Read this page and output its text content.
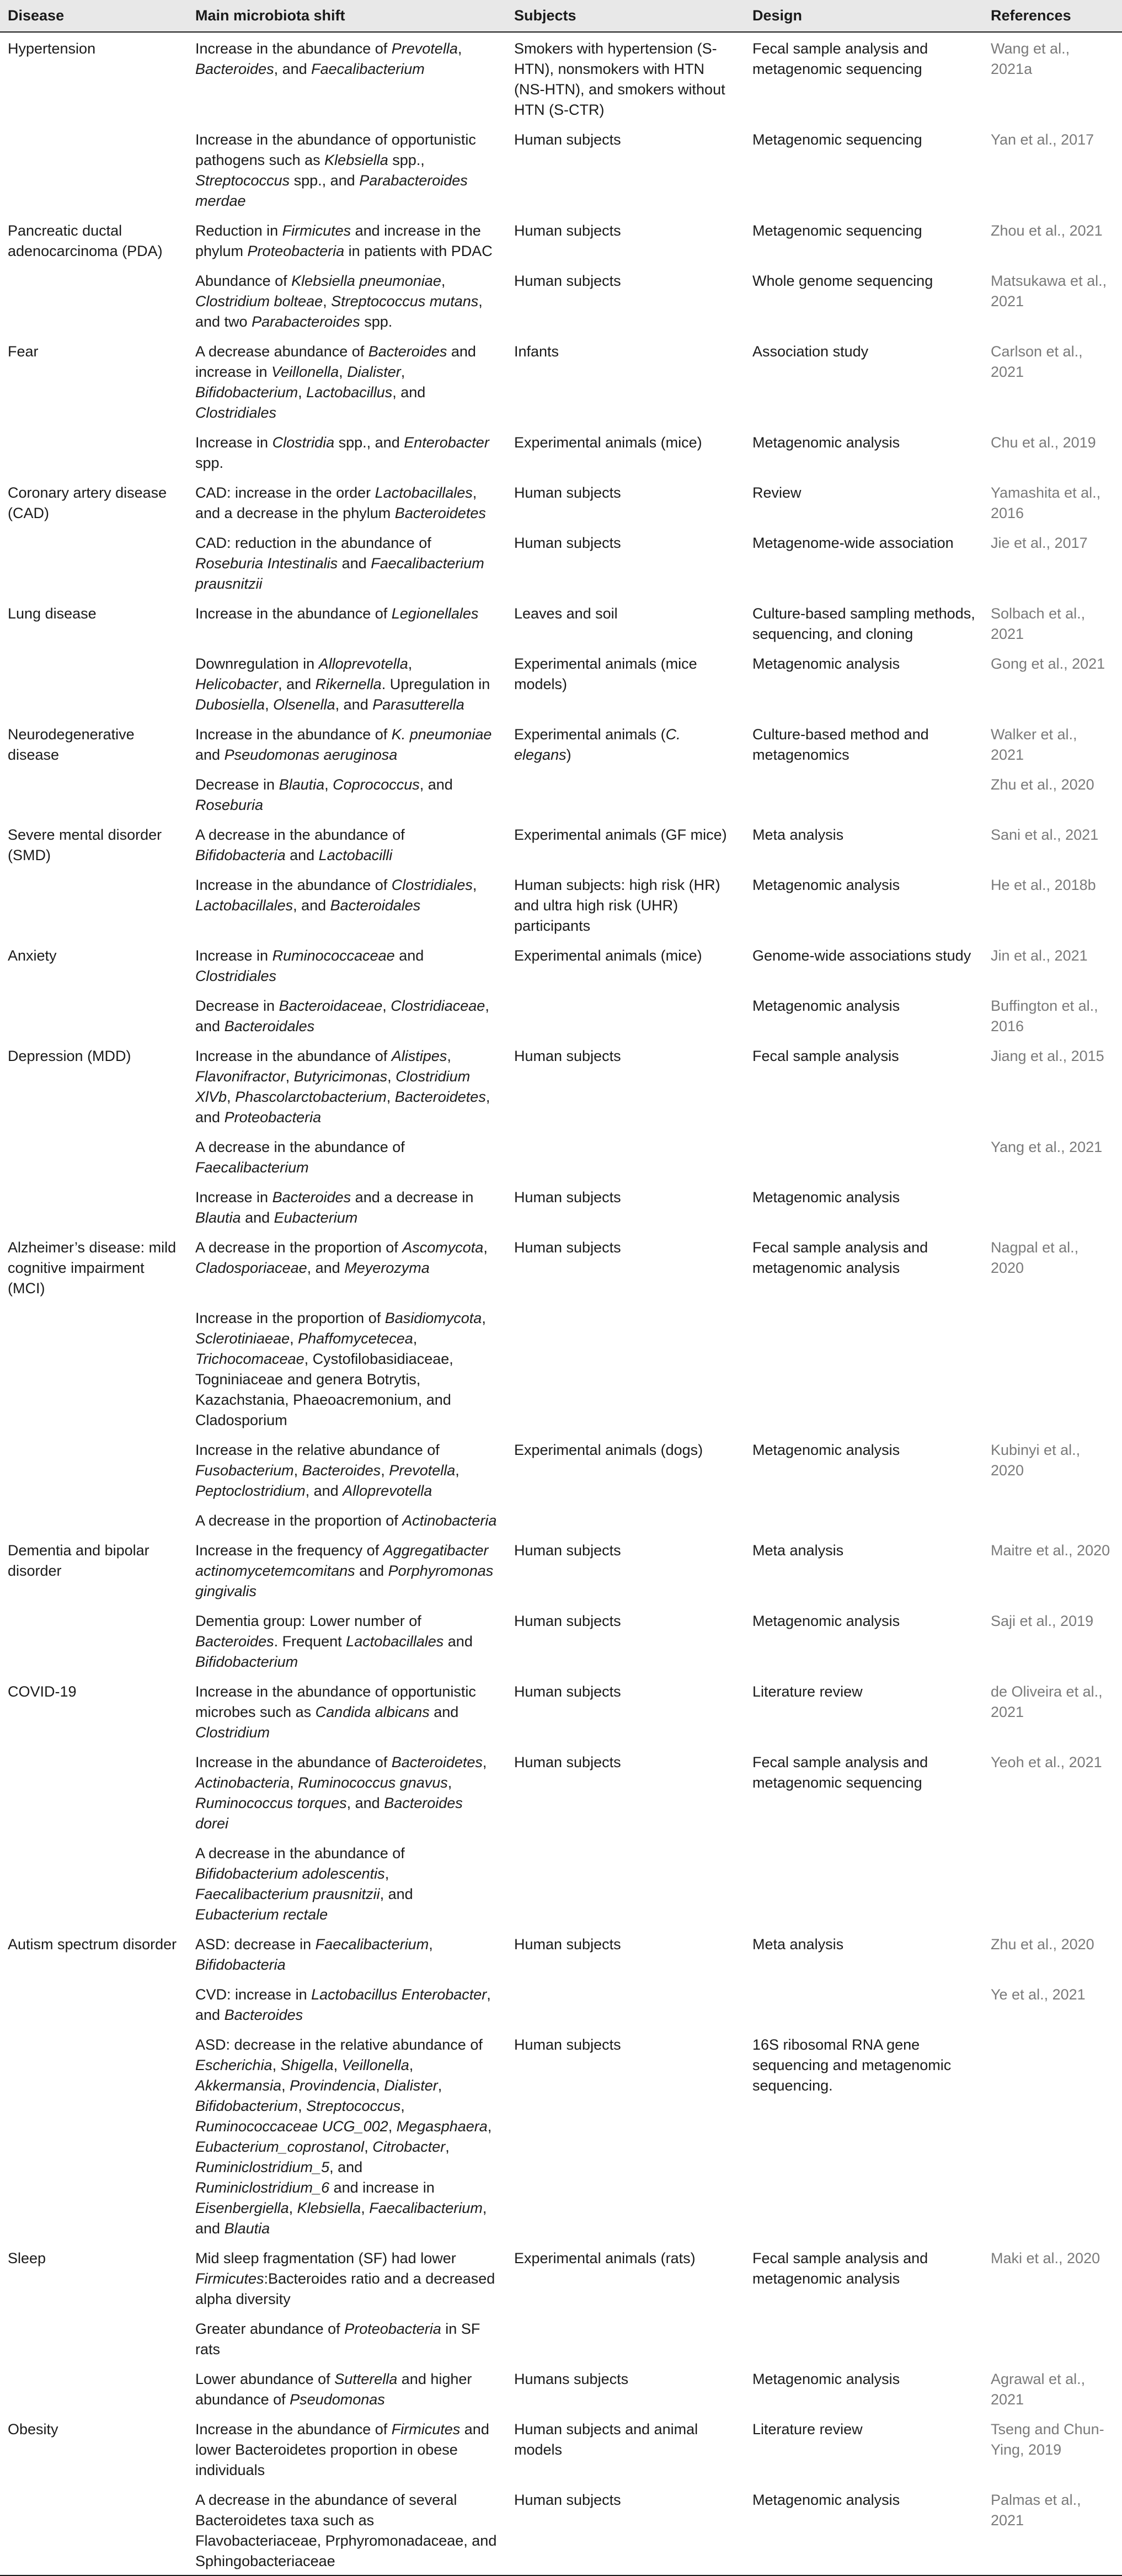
Disease	Main microbiota shift	Subjects	Design	References
Hypertension	Increase in the abundance of Prevotella, Bacteroides, and Faecalibacterium	Smokers with hypertension (S-HTN), nonsmokers with HTN (NS-HTN), and smokers without HTN (S-CTR)	Fecal sample analysis and metagenomic sequencing	Wang et al., 2021a
	Increase in the abundance of opportunistic pathogens such as Klebsiella spp., Streptococcus spp., and Parabacteroides merdae	Human subjects	Metagenomic sequencing	Yan et al., 2017
Pancreatic ductal adenocarcinoma (PDA)	Reduction in Firmicutes and increase in the phylum Proteobacteria in patients with PDAC	Human subjects	Metagenomic sequencing	Zhou et al., 2021
	Abundance of Klebsiella pneumoniae, Clostridium bolteae, Streptococcus mutans, and two Parabacteroides spp.	Human subjects	Whole genome sequencing	Matsukawa et al., 2021
Fear	A decrease abundance of Bacteroides and increase in Veillonella, Dialister, Bifidobacterium, Lactobacillus, and Clostridiales	Infants	Association study	Carlson et al., 2021
	Increase in Clostridia spp., and Enterobacter spp.	Experimental animals (mice)	Metagenomic analysis	Chu et al., 2019
Coronary artery disease (CAD)	CAD: increase in the order Lactobacillales, and a decrease in the phylum Bacteroidetes	Human subjects	Review	Yamashita et al., 2016
	CAD: reduction in the abundance of Roseburia Intestinalis and Faecalibacterium prausnitzii	Human subjects	Metagenome-wide association	Jie et al., 2017
Lung disease	Increase in the abundance of Legionellales	Leaves and soil	Culture-based sampling methods, sequencing, and cloning	Solbach et al., 2021
	Downregulation in Alloprevotella, Helicobacter, and Rikernella. Upregulation in Dubosiella, Olsenella, and Parasutterella	Experimental animals (mice models)	Metagenomic analysis	Gong et al., 2021
Neurodegenerative disease	Increase in the abundance of K. pneumoniae and Pseudomonas aeruginosa	Experimental animals (C. elegans)	Culture-based method and metagenomics	Walker et al., 2021
	Decrease in Blautia, Coprococcus, and Roseburia			Zhu et al., 2020
Severe mental disorder (SMD)	A decrease in the abundance of Bifidobacteria and Lactobacilli	Experimental animals (GF mice)	Meta analysis	Sani et al., 2021
	Increase in the abundance of Clostridiales, Lactobacillales, and Bacteroidales	Human subjects: high risk (HR) and ultra high risk (UHR) participants	Metagenomic analysis	He et al., 2018b
Anxiety	Increase in Ruminococcaceae and Clostridiales	Experimental animals (mice)	Genome-wide associations study	Jin et al., 2021
	Decrease in Bacteroidaceae, Clostridiaceae, and Bacteroidales		Metagenomic analysis	Buffington et al., 2016
Depression (MDD)	Increase in the abundance of Alistipes, Flavonifractor, Butyricimonas, Clostridium XlVb, Phascolarctobacterium, Bacteroidetes, and Proteobacteria	Human subjects	Fecal sample analysis	Jiang et al., 2015
	A decrease in the abundance of Faecalibacterium			Yang et al., 2021
	Increase in Bacteroides and a decrease in Blautia and Eubacterium	Human subjects	Metagenomic analysis	
Alzheimer’s disease: mild cognitive impairment (MCI)	A decrease in the proportion of Ascomycota, Cladosporiaceae, and Meyerozyma	Human subjects	Fecal sample analysis and metagenomic analysis	Nagpal et al., 2020
	Increase in the proportion of Basidiomycota, Sclerotiniaeae, Phaffomycetecea, Trichocomaceae, Cystofilobasidiaceae, Togniniaceae and genera Botrytis, Kazachstania, Phaeoacremonium, and Cladosporium			
	Increase in the relative abundance of Fusobacterium, Bacteroides, Prevotella, Peptoclostridium, and Alloprevotella	Experimental animals (dogs)	Metagenomic analysis	Kubinyi et al., 2020
	A decrease in the proportion of Actinobacteria			
Dementia and bipolar disorder	Increase in the frequency of Aggregatibacter actinomycetemcomitans and Porphyromonas gingivalis	Human subjects	Meta analysis	Maitre et al., 2020
	Dementia group: Lower number of Bacteroides. Frequent Lactobacillales and Bifidobacterium	Human subjects	Metagenomic analysis	Saji et al., 2019
COVID-19	Increase in the abundance of opportunistic microbes such as Candida albicans and Clostridium	Human subjects	Literature review	de Oliveira et al., 2021
	Increase in the abundance of Bacteroidetes, Actinobacteria, Ruminococcus gnavus, Ruminococcus torques, and Bacteroides dorei	Human subjects	Fecal sample analysis and metagenomic sequencing	Yeoh et al., 2021
	A decrease in the abundance of Bifidobacterium adolescentis, Faecalibacterium prausnitzii, and Eubacterium rectale			
Autism spectrum disorder	ASD: decrease in Faecalibacterium, Bifidobacteria	Human subjects	Meta analysis	Zhu et al., 2020
	CVD: increase in Lactobacillus Enterobacter, and Bacteroides			Ye et al., 2021
	ASD: decrease in the relative abundance of Escherichia, Shigella, Veillonella, Akkermansia, Provindencia, Dialister, Bifidobacterium, Streptococcus, Ruminococcaceae UCG_002, Megasphaera, Eubacterium_coprostanol, Citrobacter, Ruminiclostridium_5, and Ruminiclostridium_6 and increase in Eisenbergiella, Klebsiella, Faecalibacterium, and Blautia	Human subjects	16S ribosomal RNA gene sequencing and metagenomic sequencing.	
Sleep	Mid sleep fragmentation (SF) had lower Firmicutes:Bacteroides ratio and a decreased alpha diversity	Experimental animals (rats)	Fecal sample analysis and metagenomic analysis	Maki et al., 2020
	Greater abundance of Proteobacteria in SF rats			
	Lower abundance of Sutterella and higher abundance of Pseudomonas	Humans subjects	Metagenomic analysis	Agrawal et al., 2021
Obesity	Increase in the abundance of Firmicutes and lower Bacteroidetes proportion in obese individuals	Human subjects and animal models	Literature review	Tseng and Chun-Ying, 2019
	A decrease in the abundance of several Bacteroidetes taxa such as Flavobacteriaceae, Prphyromonadaceae, and Sphingobacteriaceae	Human subjects	Metagenomic analysis	Palmas et al., 2021
